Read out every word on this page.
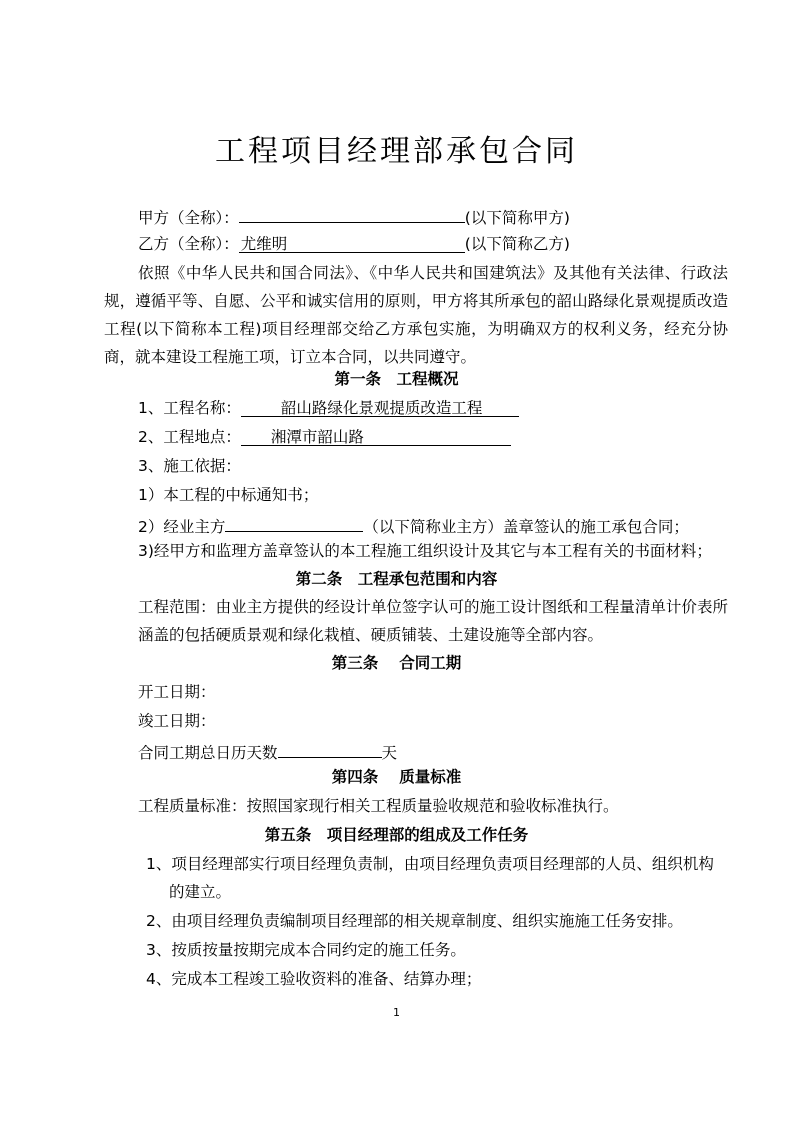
工程项目经理部承包合同
甲方（全称）：	(以下简称甲方)
乙方（全称）： 尤维明	(以下简称乙方)
依照《中华人民共和国合同法》、《中华人民共和国建筑法》及其他有关法律、行政法规，遵循平等、自愿、公平和诚实信用的原则，甲方将其所承包的韶山路绿化景观提质改造工程(以下简称本工程)项目经理部交给乙方承包实施，为明确双方的权利义务，经充分协商，就本建设工程施工项，订立本合同，以共同遵守。
第一条　工程概况
1、工程名称：	韶山路绿化景观提质改造工程
2、工程地点： 湘潭市韶山路
3、施工依据：
1）本工程的中标通知书；
2）经业主方	（以下简称业主方）盖章签认的施工承包合同；
3)经甲方和监理方盖章签认的本工程施工组织设计及其它与本工程有关的书面材料；
第二条　工程承包范围和内容
工程范围：由业主方提供的经设计单位签字认可的施工设计图纸和工程量清单计价表所涵盖的包括硬质景观和绿化栽植、硬质铺装、土建设施等全部内容。
第三条　 合同工期
开工日期：
竣工日期：
合同工期总日历天数	天
第四条　 质量标准
工程质量标准：按照国家现行相关工程质量验收规范和验收标准执行。
第五条　项目经理部的组成及工作任务
1、项目经理部实行项目经理负责制，由项目经理负责项目经理部的人员、组织机构
的建立。
2、由项目经理负责编制项目经理部的相关规章制度、组织实施施工任务安排。
3、按质按量按期完成本合同约定的施工任务。
4、完成本工程竣工验收资料的准备、结算办理；
1
